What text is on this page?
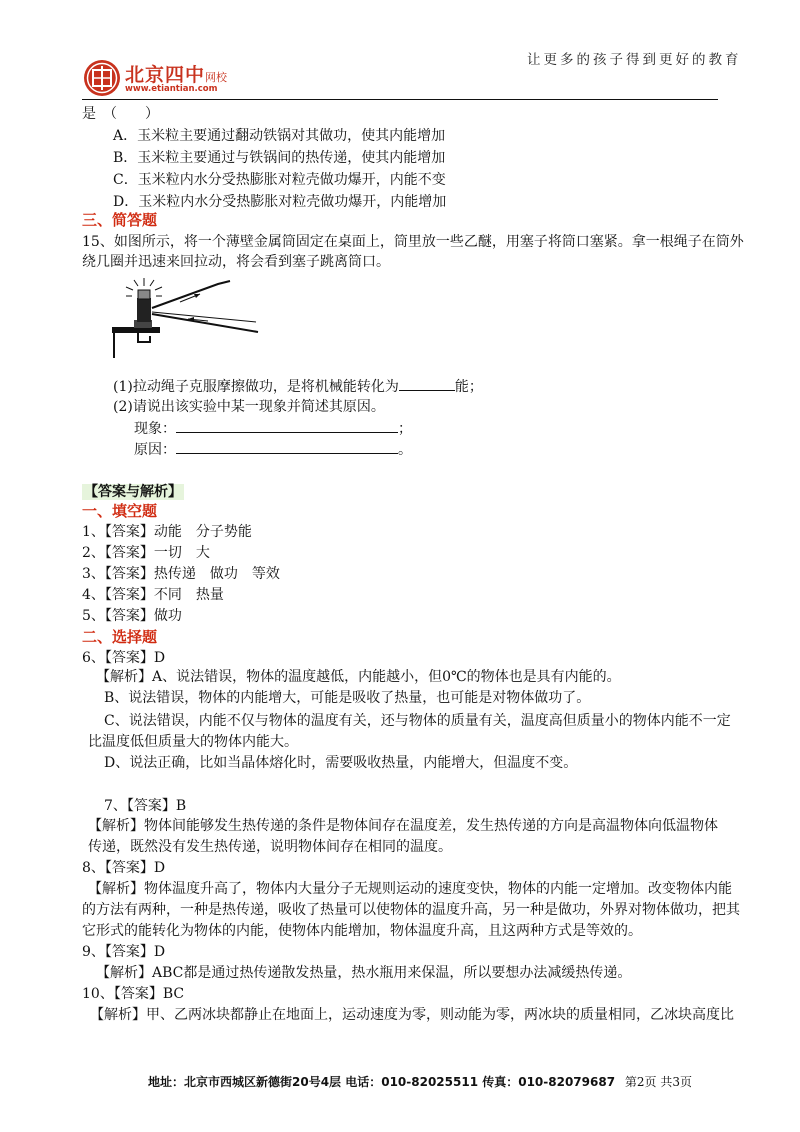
北京四中网校
www.etiantian.com
让更多的孩子得到更好的教育
是　（　　）
A．玉米粒主要通过翻动铁锅对其做功，使其内能增加
B．玉米粒主要通过与铁锅间的热传递，使其内能增加
C．玉米粒内水分受热膨胀对粒壳做功爆开，内能不变
D．玉米粒内水分受热膨胀对粒壳做功爆开，内能增加
三、简答题
15、如图所示，将一个薄壁金属筒固定在桌面上，筒里放一些乙醚，用塞子将筒口塞紧。拿一根绳子在筒外
绕几圈并迅速来回拉动，将会看到塞子跳离筒口。
(1)拉动绳子克服摩擦做功，是将机械能转化为	能；
(2)请说出该实验中某一现象并简述其原因。
现象：	；
原因：	。
【答案与解析】
一、填空题
1、【答案】动能　分子势能
2、【答案】一切　大
3、【答案】热传递　做功　等效
4、【答案】不同　热量
5、【答案】做功
二、选择题
6、【答案】D
【解析】A、说法错误，物体的温度越低，内能越小，但0℃的物体也是具有内能的。
B、说法错误，物体的内能增大，可能是吸收了热量，也可能是对物体做功了。
C、说法错误，内能不仅与物体的温度有关，还与物体的质量有关，温度高但质量小的物体内能不一定
比温度低但质量大的物体内能大。
D、说法正确，比如当晶体熔化时，需要吸收热量，内能增大，但温度不变。
7、【答案】B
【解析】物体间能够发生热传递的条件是物体间存在温度差，发生热传递的方向是高温物体向低温物体
传递，既然没有发生热传递，说明物体间存在相同的温度。
8、【答案】D
【解析】物体温度升高了，物体内大量分子无规则运动的速度变快，物体的内能一定增加。改变物体内能
的方法有两种，一种是热传递，吸收了热量可以使物体的温度升高，另一种是做功，外界对物体做功，把其
它形式的能转化为物体的内能，使物体内能增加，物体温度升高，且这两种方式是等效的。
9、【答案】D
【解析】ABC都是通过热传递散发热量，热水瓶用来保温，所以要想办法减缓热传递。
10、【答案】BC
【解析】甲、乙两冰块都静止在地面上，运动速度为零，则动能为零，两冰块的质量相同，乙冰块高度比
地址：北京市西城区新德街20号4层 电话：010-82025511 传真：010-82079687 第2页 共3页
